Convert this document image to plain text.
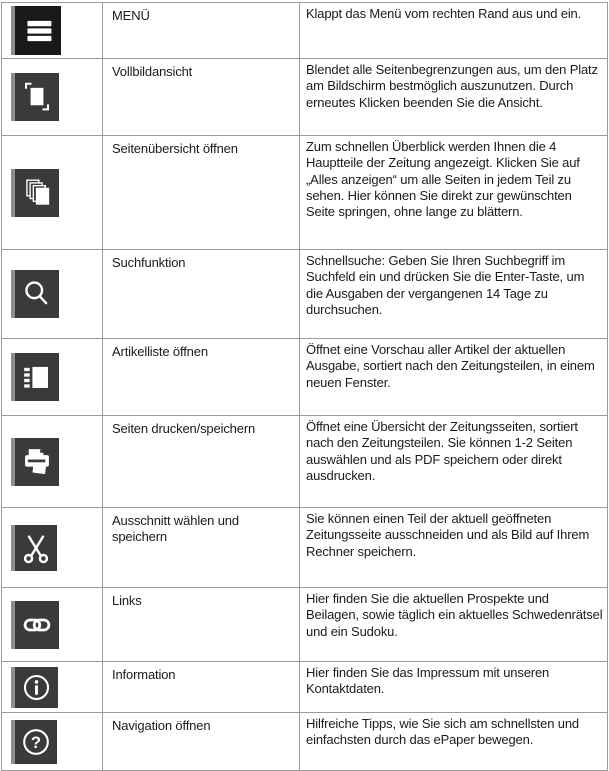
MENÜ	Klappt das Menü vom rechten Rand aus und ein.

Vollbildansicht	Blendet alle Seitenbegrenzungen aus, um den Platz am Bildschirm bestmöglich auszunutzen. Durch erneutes Klicken beenden Sie die Ansicht.

Seitenübersicht öffnen	Zum schnellen Überblick werden Ihnen die 4 Hauptteile der Zeitung angezeigt. Klicken Sie auf „Alles anzeigen“ um alle Seiten in jedem Teil zu sehen. Hier können Sie direkt zur gewünschten Seite springen, ohne lange zu blättern.

Suchfunktion	Schnellsuche: Geben Sie Ihren Suchbegriff im Suchfeld ein und drücken Sie die Enter-Taste, um die Ausgaben der vergangenen 14 Tage zu durchsuchen.

Artikelliste öffnen	Öffnet eine Vorschau aller Artikel der aktuellen Ausgabe, sortiert nach den Zeitungsteilen, in einem neuen Fenster.

Seiten drucken/speichern	Öffnet eine Übersicht der Zeitungsseiten, sortiert nach den Zeitungsteilen. Sie können 1-2 Seiten auswählen und als PDF speichern oder direkt ausdrucken.

Ausschnitt wählen und speichern	Sie können einen Teil der aktuell geöffneten Zeitungsseite ausschneiden und als Bild auf Ihrem Rechner speichern.

Links	Hier finden Sie die aktuellen Prospekte und Beilagen, sowie täglich ein aktuelles Schwedenrätsel und ein Sudoku.

Information	Hier finden Sie das Impressum mit unseren Kontaktdaten.

?	Navigation öffnen	Hilfreiche Tipps, wie Sie sich am schnellsten und einfachsten durch das ePaper bewegen.
